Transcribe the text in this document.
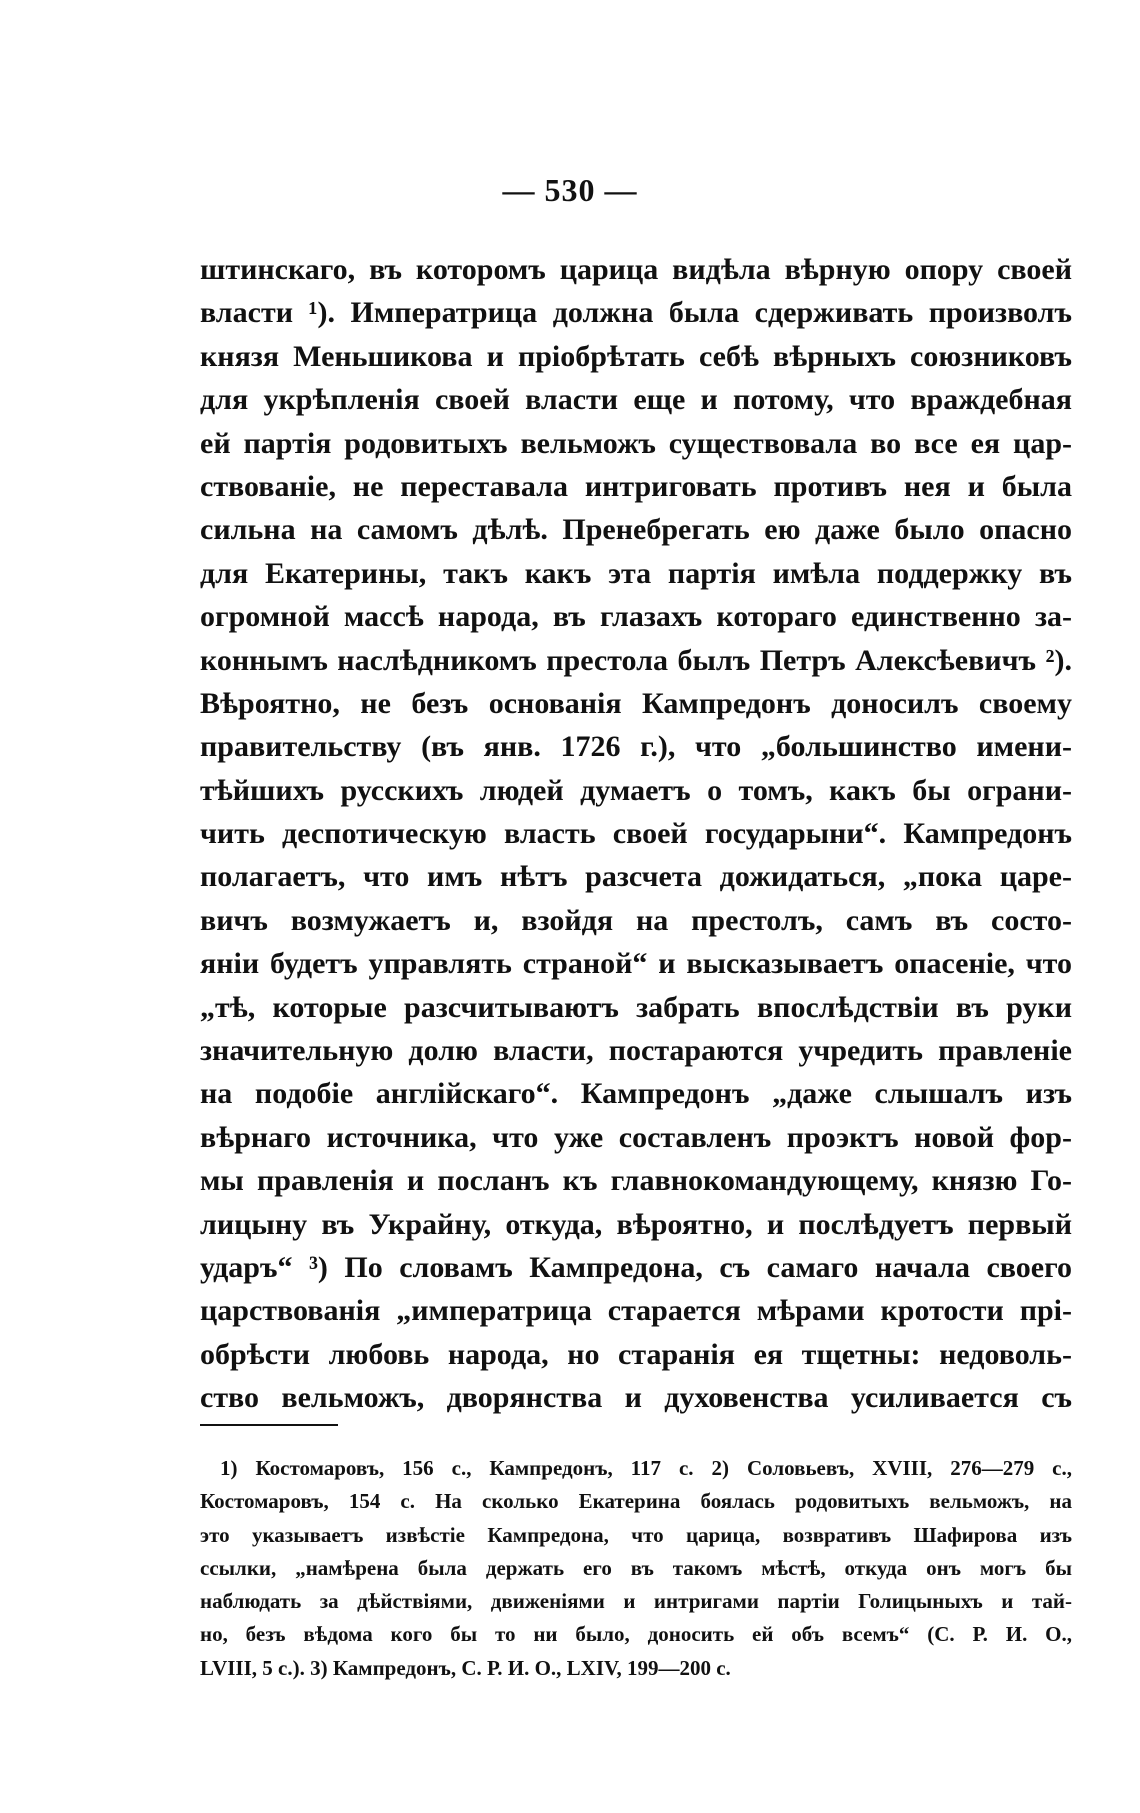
— 530 —
штинскаго, въ которомъ царица видѣла вѣрную опору своей
власти ¹). Императрица должна была сдерживать произволъ
князя Меньшикова и пріобрѣтать себѣ вѣрныхъ союзниковъ
для укрѣпленія своей власти еще и потому, что враждебная
ей партія родовитыхъ вельможъ существовала во все ея цар-
ствованіе, не переставала интриговать противъ нея и была
сильна на самомъ дѣлѣ. Пренебрегать ею даже было опасно
для Екатерины, такъ какъ эта партія имѣла поддержку въ
огромной массѣ народа, въ глазахъ котораго единственно за-
коннымъ наслѣдникомъ престола былъ Петръ Алексѣевичъ ²).
Вѣроятно, не безъ основанія Кампредонъ доносилъ своему
правительству (въ янв. 1726 г.), что „большинство имени-
тѣйшихъ русскихъ людей думаетъ о томъ, какъ бы ограни-
чить деспотическую власть своей государыни“. Кампредонъ
полагаетъ, что имъ нѣтъ разсчета дожидаться, „пока царе-
вичъ возмужаетъ и, взойдя на престолъ, самъ въ состо-
яніи будетъ управлять страной“ и высказываетъ опасеніе, что
„тѣ, которые разсчитываютъ забрать впослѣдствіи въ руки
значительную долю власти, постараются учредить правленіе
на подобіе англійскаго“. Кампредонъ „даже слышалъ изъ
вѣрнаго источника, что уже составленъ проэктъ новой фор-
мы правленія и посланъ къ главнокомандующему, князю Го-
лицыну въ Украйну, откуда, вѣроятно, и послѣдуетъ первый
ударъ“ ³) По словамъ Кампредона, съ самаго начала своего
царствованія „императрица старается мѣрами кротости прі-
обрѣсти любовь народа, но старанія ея тщетны: недоволь-
ство вельможъ, дворянства и духовенства усиливается съ
1) Костомаровъ, 156 с., Кампредонъ, 117 с. 2) Соловьевъ, XVIII, 276—279 с.,
Костомаровъ, 154 с. На сколько Екатерина боялась родовитыхъ вельможъ, на
это указываетъ извѣстіе Кампредона, что царица, возвративъ Шафирова изъ
ссылки, „намѣрена была держать его въ такомъ мѣстѣ, откуда онъ могъ бы
наблюдать за дѣйствіями, движеніями и интригами партіи Голицыныхъ и тай-
но, безъ вѣдома кого бы то ни было, доносить ей объ всемъ“ (С. Р. И. О.,
LVIII, 5 с.). 3) Кампредонъ, С. Р. И. О., LXIV, 199—200 с.
